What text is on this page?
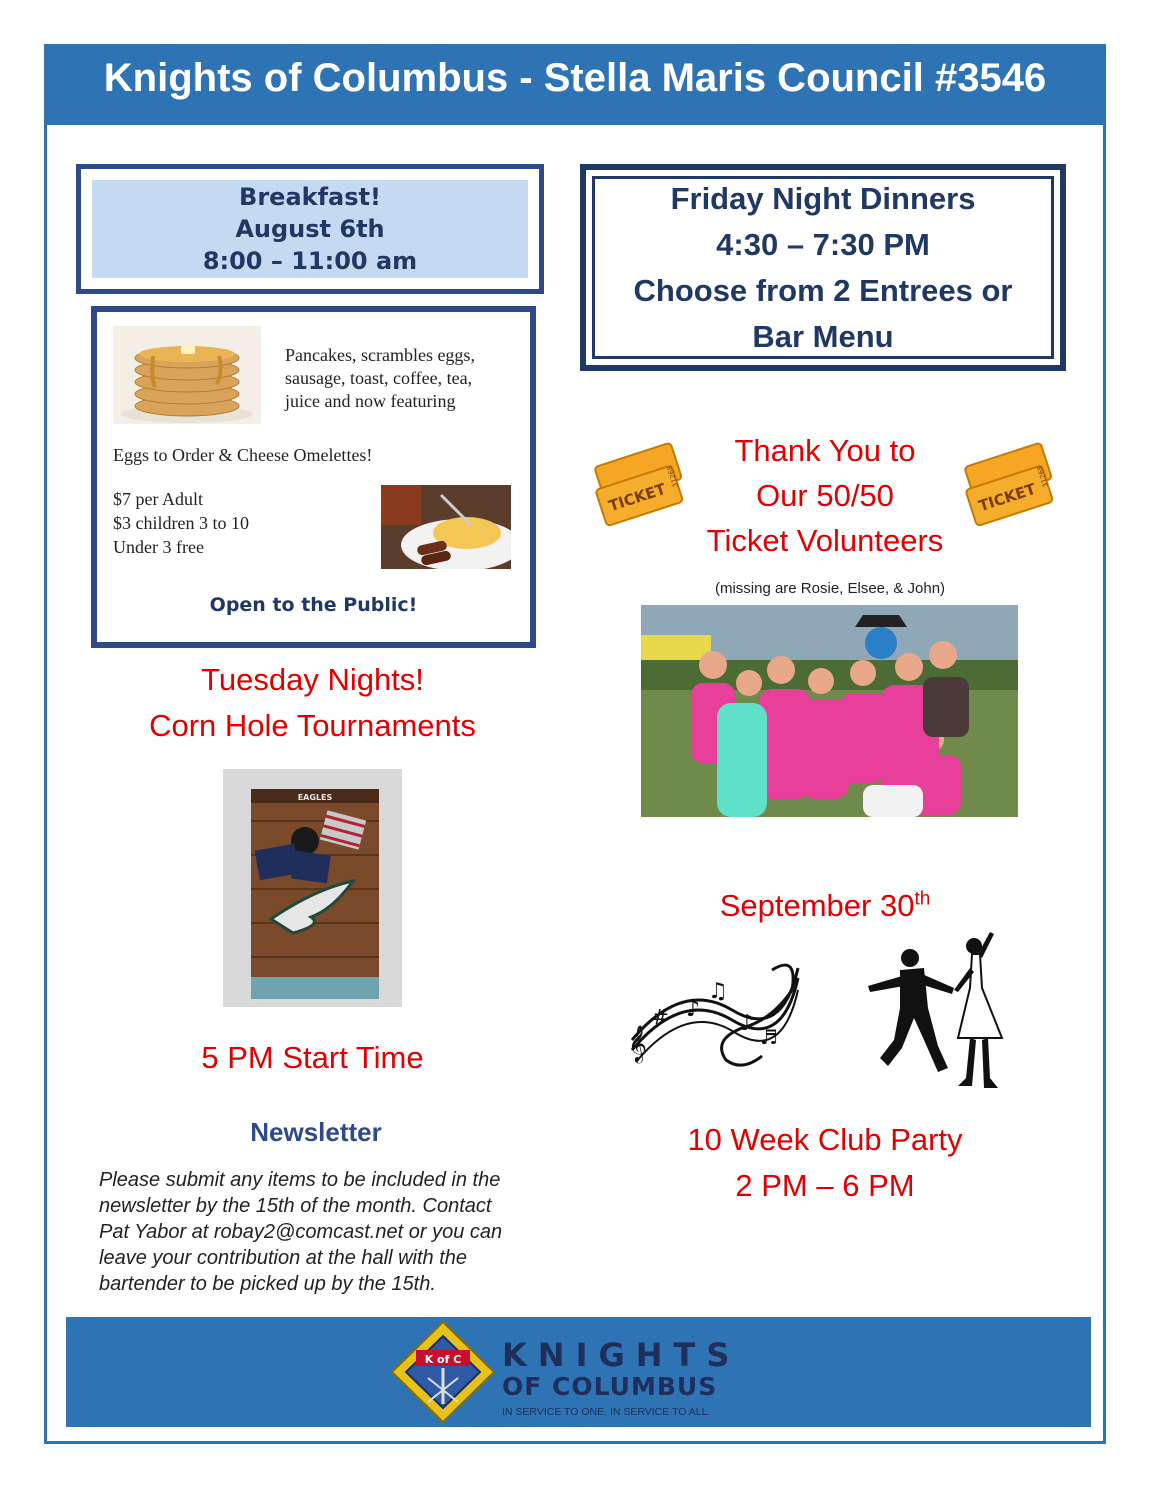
Knights of Columbus - Stella Maris Council #3546
Breakfast!
August 6th
8:00 – 11:00 am
Pancakes, scrambles eggs,
sausage, toast, coffee, tea,
juice and now featuring
Eggs to Order & Cheese Omelettes!
$7 per Adult
$3 children 3 to 10
Under 3 free
Open to the Public!
Friday Night Dinners
4:30 – 7:30 PM
Choose from 2 Entrees or
Bar Menu
TICKET
31268
TICKET
31268
Thank You to
Our 50/50
Ticket Volunteers
(missing are Rosie, Elsee, & John)
Tuesday Nights!
Corn Hole Tournaments
EAGLES
5 PM Start Time
Newsletter
Please submit any items to be included in the
newsletter by the 15th of the month. Contact
Pat Yabor at robay2@comcast.net or you can
leave your contribution at the hall with the
bartender to be picked up by the 15th.
September 30th
𝄞
# ♪
♫
♪
♬
10 Week Club Party
2 PM – 6 PM
K of C KNIGHTS
OF COLUMBUS
IN SERVICE TO ONE. IN SERVICE TO ALL.
